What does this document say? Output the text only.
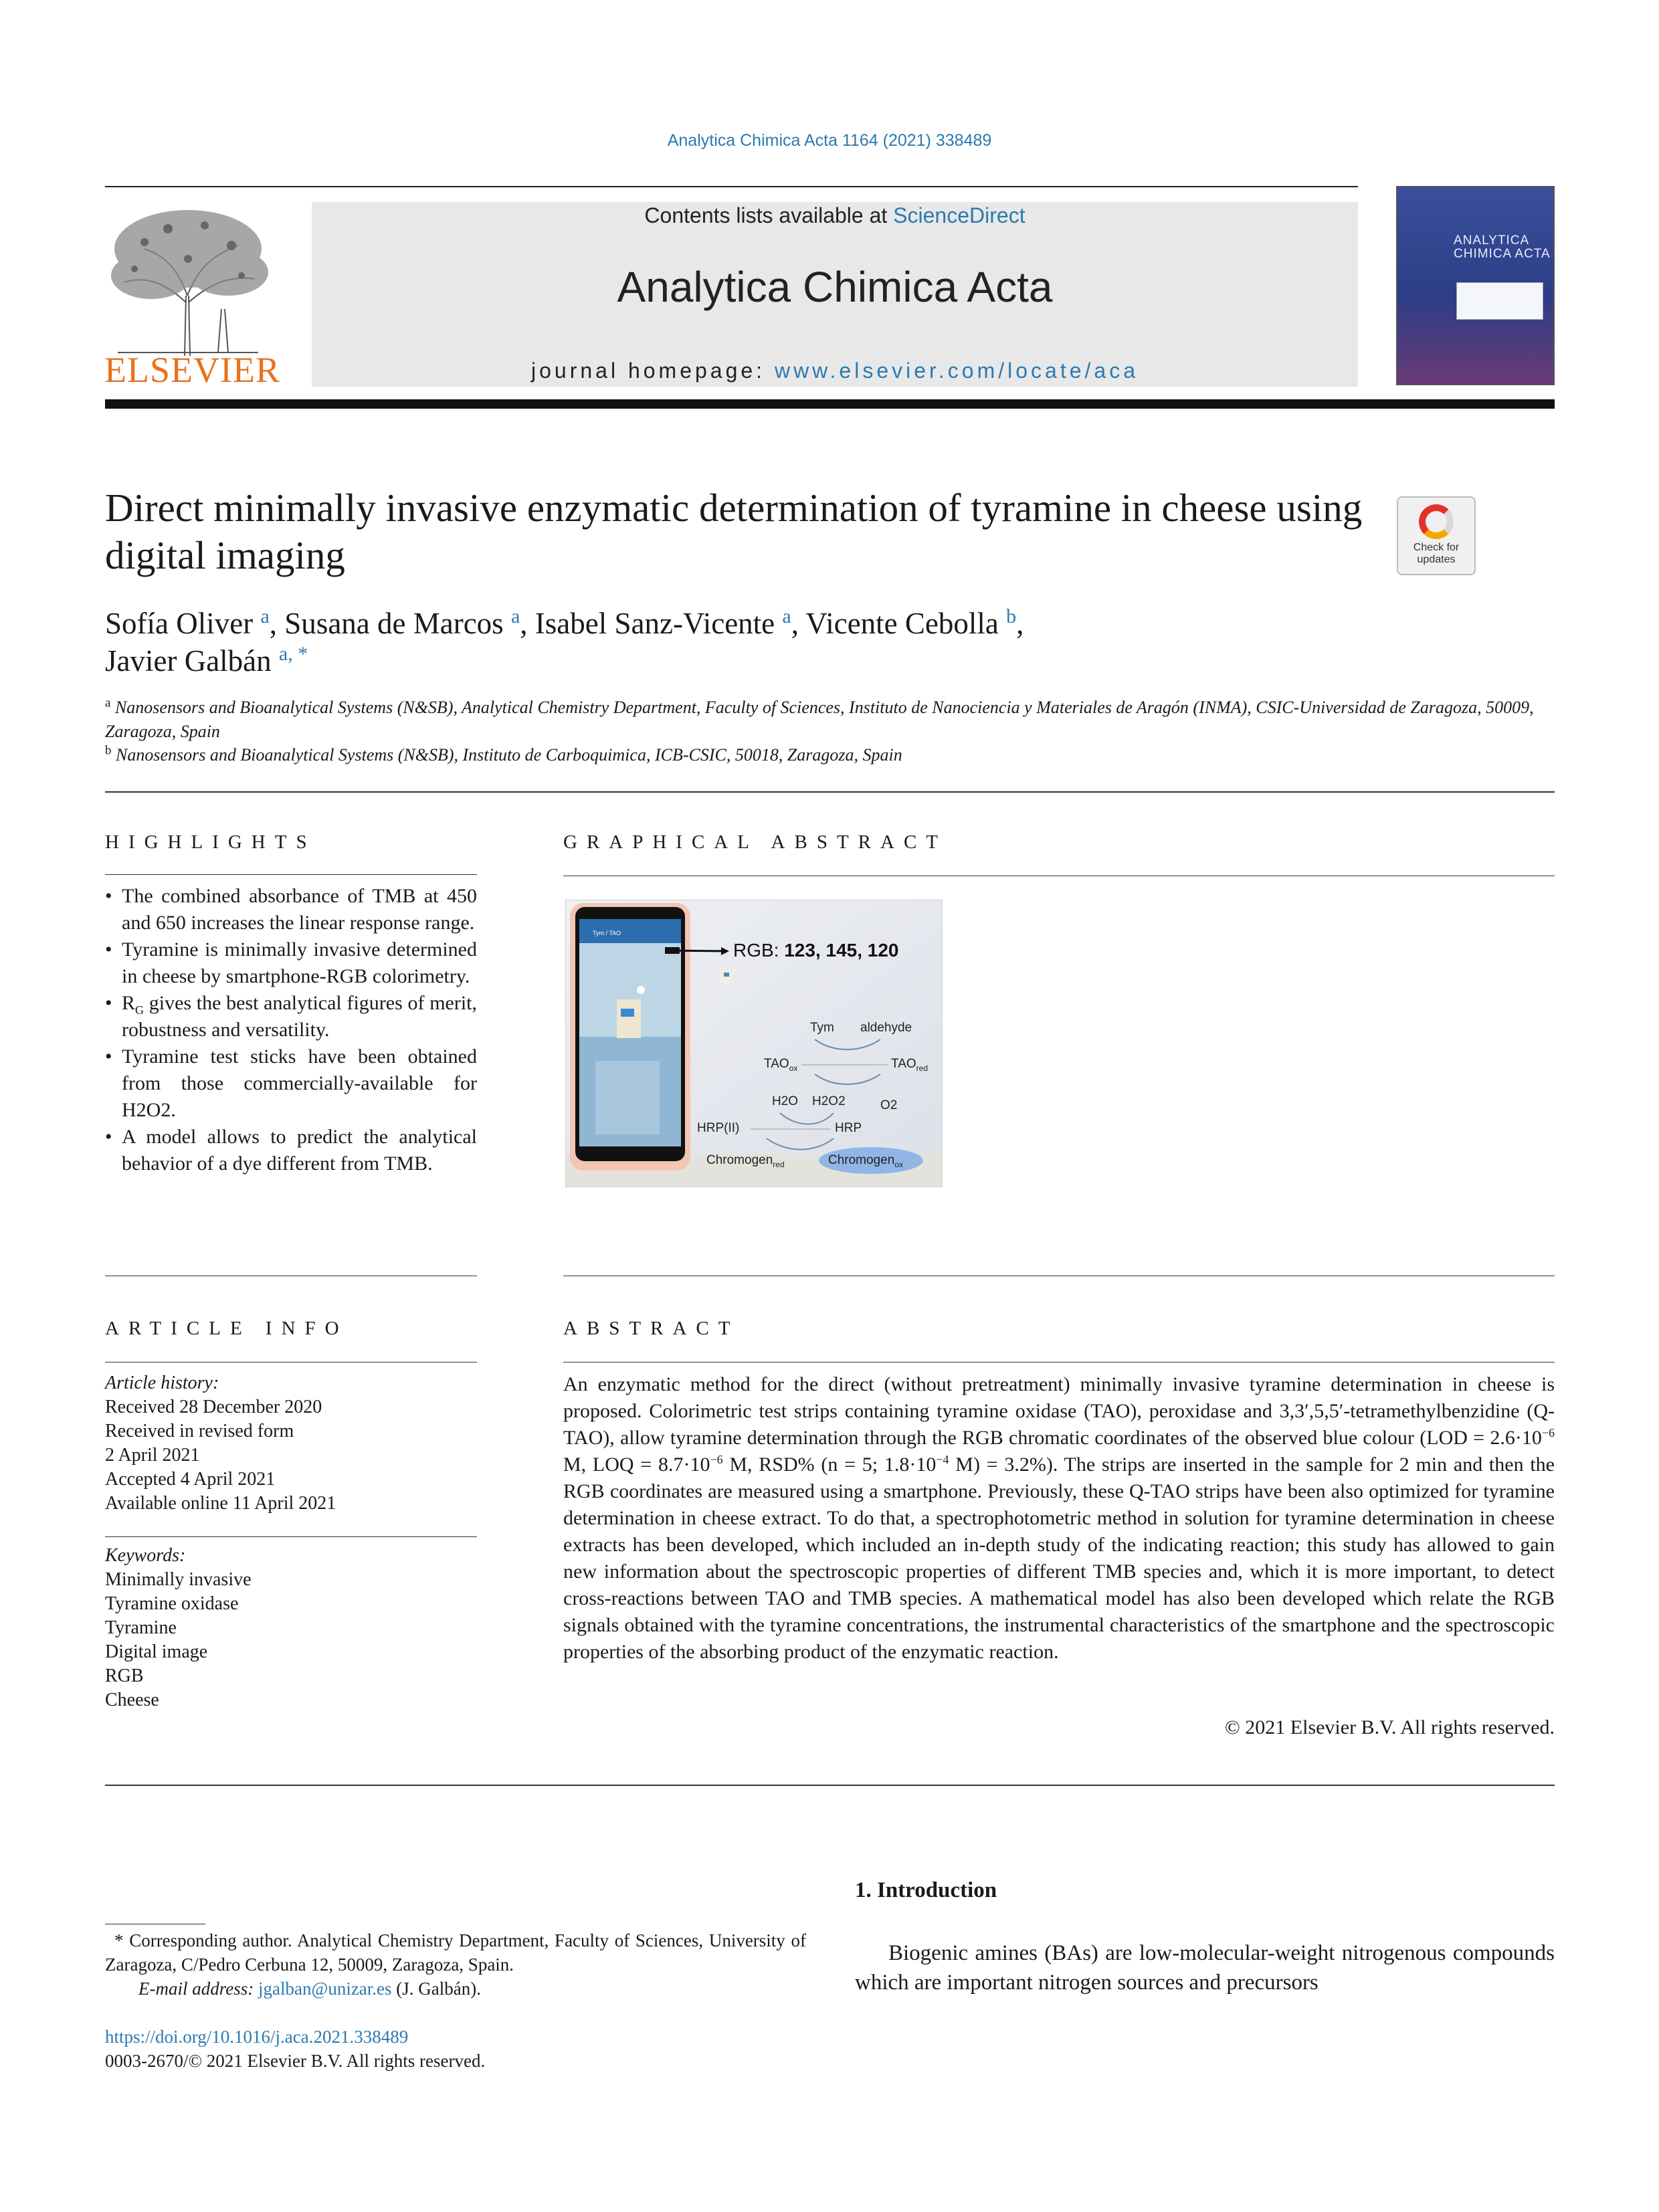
Analytica Chimica Acta 1164 (2021) 338489
ELSEVIER
Contents lists available at ScienceDirect
Analytica Chimica Acta
journal homepage: www.elsevier.com/locate/aca
ANALYTICA
CHIMICA ACTA
Direct minimally invasive enzymatic determination of tyramine in cheese using digital imaging	Check for
updates
Sofía Oliver $^a$, Susana de Marcos $^a$, Isabel Sanz-Vicente $^a$, Vicente Cebolla $^b$,
Javier Galbán $^{a, *}$
$^a$ Nanosensors and Bioanalytical Systems (N&SB), Analytical Chemistry Department, Faculty of Sciences, Instituto de Nanociencia y Materiales de Aragón (INMA), CSIC-Universidad de Zaragoza, 50009, Zaragoza, Spain
$^b$ Nanosensors and Bioanalytical Systems (N&SB), Instituto de Carboquimica, ICB-CSIC, 50018, Zaragoza, Spain
HIGHLIGHTS
• The combined absorbance of TMB at 450 and 650 increases the linear response range.
• Tyramine is minimally invasive determined in cheese by smartphone-RGB colorimetry.
• $R_G$ gives the best analytical figures of merit, robustness and versatility.
• Tyramine test sticks have been obtained from those commercially-available for H2O2.
• A model allows to predict the analytical behavior of a dye different from TMB.
GRAPHICAL ABSTRACT
Tym / TAO
RGB: 123, 145, 120
Tym aldehyde
$TAO_{ox}$	$TAO_{red}$
H2O H2O2	O2
HRP(II)	HRP
Chromogen$_{red}$	Chromogen$_{ox}$
ARTICLE INFO
Article history:
Received 28 December 2020
Received in revised form
2 April 2021
Accepted 4 April 2021
Available online 11 April 2021
Keywords:
Minimally invasive
Tyramine oxidase
Tyramine
Digital image
RGB
Cheese
ABSTRACT
An enzymatic method for the direct (without pretreatment) minimally invasive tyramine determination in cheese is proposed. Colorimetric test strips containing tyramine oxidase (TAO), peroxidase and 3,3′,5,5′-tetramethylbenzidine (Q-TAO), allow tyramine determination through the RGB chromatic coordinates of the observed blue colour ($LOD = 2.6\cdot 10^{-6}$ M, LOQ = $8.7\cdot 10^{-6}$ M, RSD% (n = 5; $1.8\cdot 10^{-4}$ M) = 3.2%). The strips are inserted in the sample for 2 min and then the RGB coordinates are measured using a smartphone. Previously, these Q-TAO strips have been also optimized for tyramine determination in cheese extract. To do that, a spectrophotometric method in solution for tyramine determination in cheese extracts has been developed, which included an in-depth study of the indicating reaction; this study has allowed to gain new information about the spectroscopic properties of different TMB species and, which it is more important, to detect cross-reactions between TAO and TMB species. A mathematical model has also been developed which relate the RGB signals obtained with the tyramine concentrations, the instrumental characteristics of the smartphone and the spectroscopic properties of the absorbing product of the enzymatic reaction.
© 2021 Elsevier B.V. All rights reserved.
* Corresponding author. Analytical Chemistry Department, Faculty of Sciences, University of Zaragoza, C/Pedro Cerbuna 12, 50009, Zaragoza, Spain.
E-mail address: jgalban@unizar.es (J. Galbán).
https://doi.org/10.1016/j.aca.2021.338489
0003-2670/© 2021 Elsevier B.V. All rights reserved.
1. Introduction
Biogenic amines (BAs) are low-molecular-weight nitrogenous compounds which are important nitrogen sources and precursors
